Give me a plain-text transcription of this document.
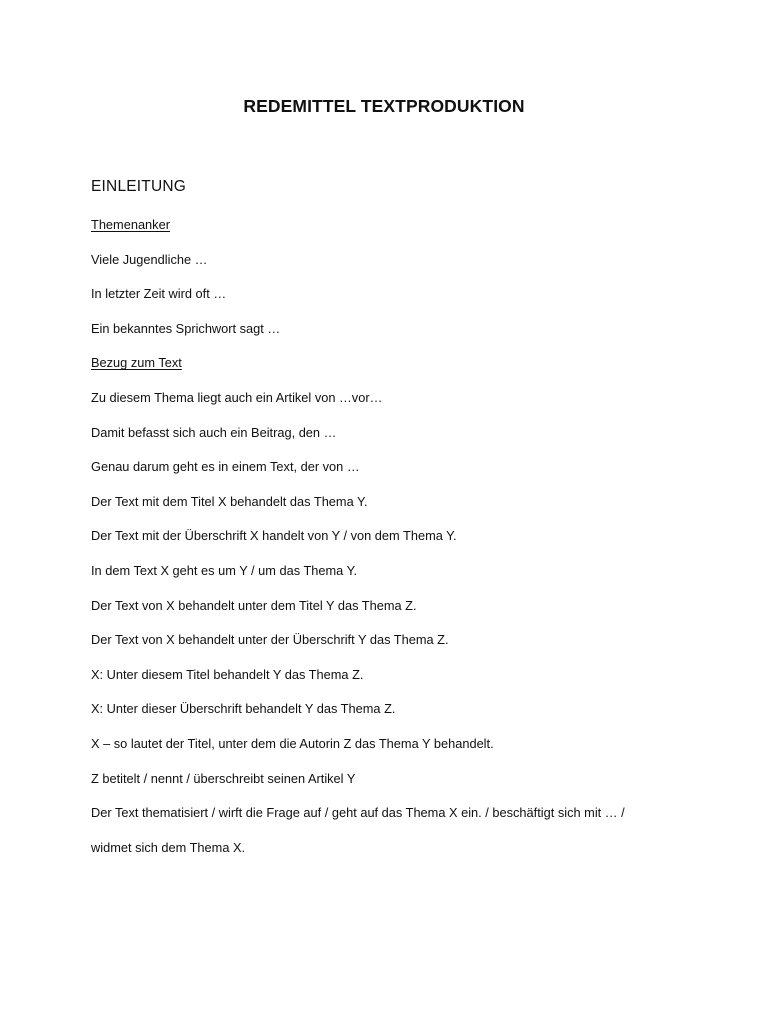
REDEMITTEL TEXTPRODUKTION
EINLEITUNG
Themenanker
Viele Jugendliche …
In letzter Zeit wird oft …
Ein bekanntes Sprichwort sagt …
Bezug zum Text
Zu diesem Thema liegt auch ein Artikel von …vor…
Damit befasst sich auch ein Beitrag, den …
Genau darum geht es in einem Text, der von …
Der Text mit dem Titel X behandelt das Thema Y.
Der Text mit der Überschrift X handelt von Y / von dem Thema Y.
In dem Text X geht es um Y / um das Thema Y.
Der Text von X behandelt unter dem Titel Y das Thema Z.
Der Text von X behandelt unter der Überschrift Y das Thema Z.
X: Unter diesem Titel behandelt Y das Thema Z.
X: Unter dieser Überschrift behandelt Y das Thema Z.
X – so lautet der Titel, unter dem die Autorin Z das Thema Y behandelt.
Z betitelt / nennt / überschreibt seinen Artikel Y
Der Text thematisiert / wirft die Frage auf / geht auf das Thema X ein. / beschäftigt sich mit … /
widmet sich dem Thema X.
